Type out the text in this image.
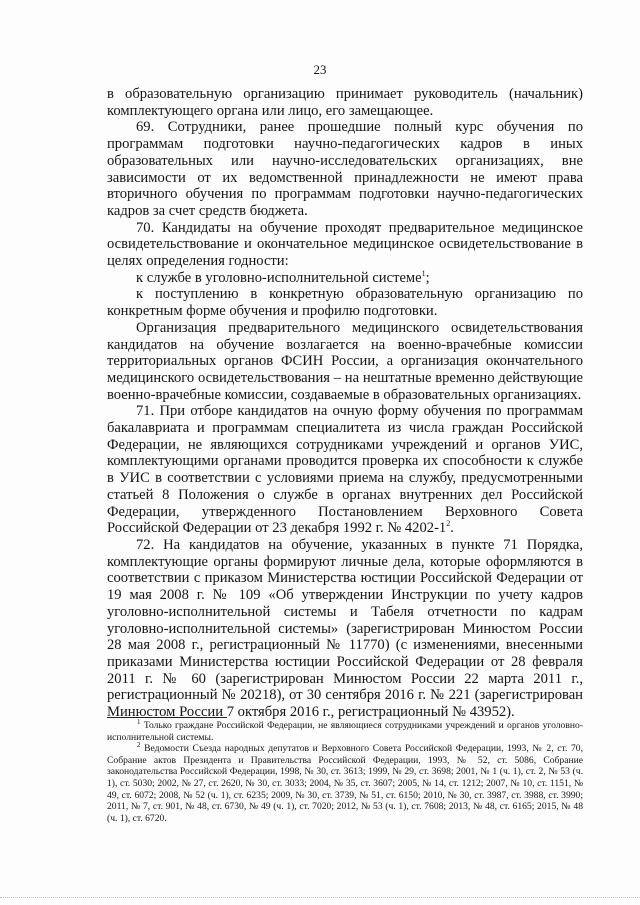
23

в образовательную организацию принимает руководитель (начальник) комплектующего органа или лицо, его замещающее.

69. Сотрудники, ранее прошедшие полный курс обучения по программам подготовки научно-педагогических кадров в иных образовательных или научно-исследовательских организациях, вне зависимости от их ведомственной принадлежности не имеют права вторичного обучения по программам подготовки научно-педагогических кадров за счет средств бюджета.

70. Кандидаты на обучение проходят предварительное медицинское освидетельствование и окончательное медицинское освидетельствование в целях определения годности:

к службе в уголовно-исполнительной системе$^1$;

к поступлению в конкретную образовательную организацию по конкретным форме обучения и профилю подготовки.

Организация предварительного медицинского освидетельствования кандидатов на обучение возлагается на военно-врачебные комиссии территориальных органов ФСИН России, а организация окончательного медицинского освидетельствования – на нештатные временно действующие военно-врачебные комиссии, создаваемые в образовательных организациях.

71. При отборе кандидатов на очную форму обучения по программам бакалавриата и программам специалитета из числа граждан Российской Федерации, не являющихся сотрудниками учреждений и органов УИС, комплектующими органами проводится проверка их способности к службе в УИС в соответствии с условиями приема на службу, предусмотренными статьей 8 Положения о службе в органах внутренних дел Российской Федерации, утвержденного Постановлением Верховного Совета Российской Федерации от 23 декабря 1992 г. № $4202-1^2$.

72. На кандидатов на обучение, указанных в пункте 71 Порядка, комплектующие органы формируют личные дела, которые оформляются в соответствии с приказом Министерства юстиции Российской Федерации от 19 мая 2008 г. № 109 «Об утверждении Инструкции по учету кадров уголовно-исполнительной системы и Табеля отчетности по кадрам уголовно-исполнительной системы» (зарегистрирован Минюстом России 28 мая 2008 г., регистрационный № 11770) (с изменениями, внесенными приказами Министерства юстиции Российской Федерации от 28 февраля 2011 г. № 60 (зарегистрирован Минюстом России 22 марта 2011 г., регистрационный № 20218), от 30 сентября 2016 г. № 221 (зарегистрирован Минюстом России 7 октября 2016 г., регистрационный № 43952).

$^1$ Только граждане Российской Федерации, не являющиеся сотрудниками учреждений и органов уголовно-исполнительной системы.

$^2$ Ведомости Съезда народных депутатов и Верховного Совета Российской Федерации, 1993, № 2, ст. 70, Собрание актов Президента и Правительства Российской Федерации, 1993, № 52, ст. 5086, Собрание законодательства Российской Федерации, 1998, № 30, ст. 3613; 1999, № 29, ст. 3698; 2001, № 1 (ч. 1), ст. 2, № 53 (ч. 1), ст. 5030; 2002, № 27, ст. 2620, № 30, ст. 3033; 2004, № 35, ст. 3607; 2005, № 14, ст. 1212; 2007, № 10, ст. 1151, № 49, ст. 6072; 2008, № 52 (ч. 1), ст. 6235; 2009, № 30, ст. 3739, № 51, ст. 6150; 2010, № 30, ст. 3987, ст. 3988, ст. 3990; 2011, № 7, ст. 901, № 48, ст. 6730, № 49 (ч. 1), ст. 7020; 2012, № 53 (ч. 1), ст. 7608; 2013, № 48, ст. 6165; 2015, № 48 (ч. 1), ст. 6720.
